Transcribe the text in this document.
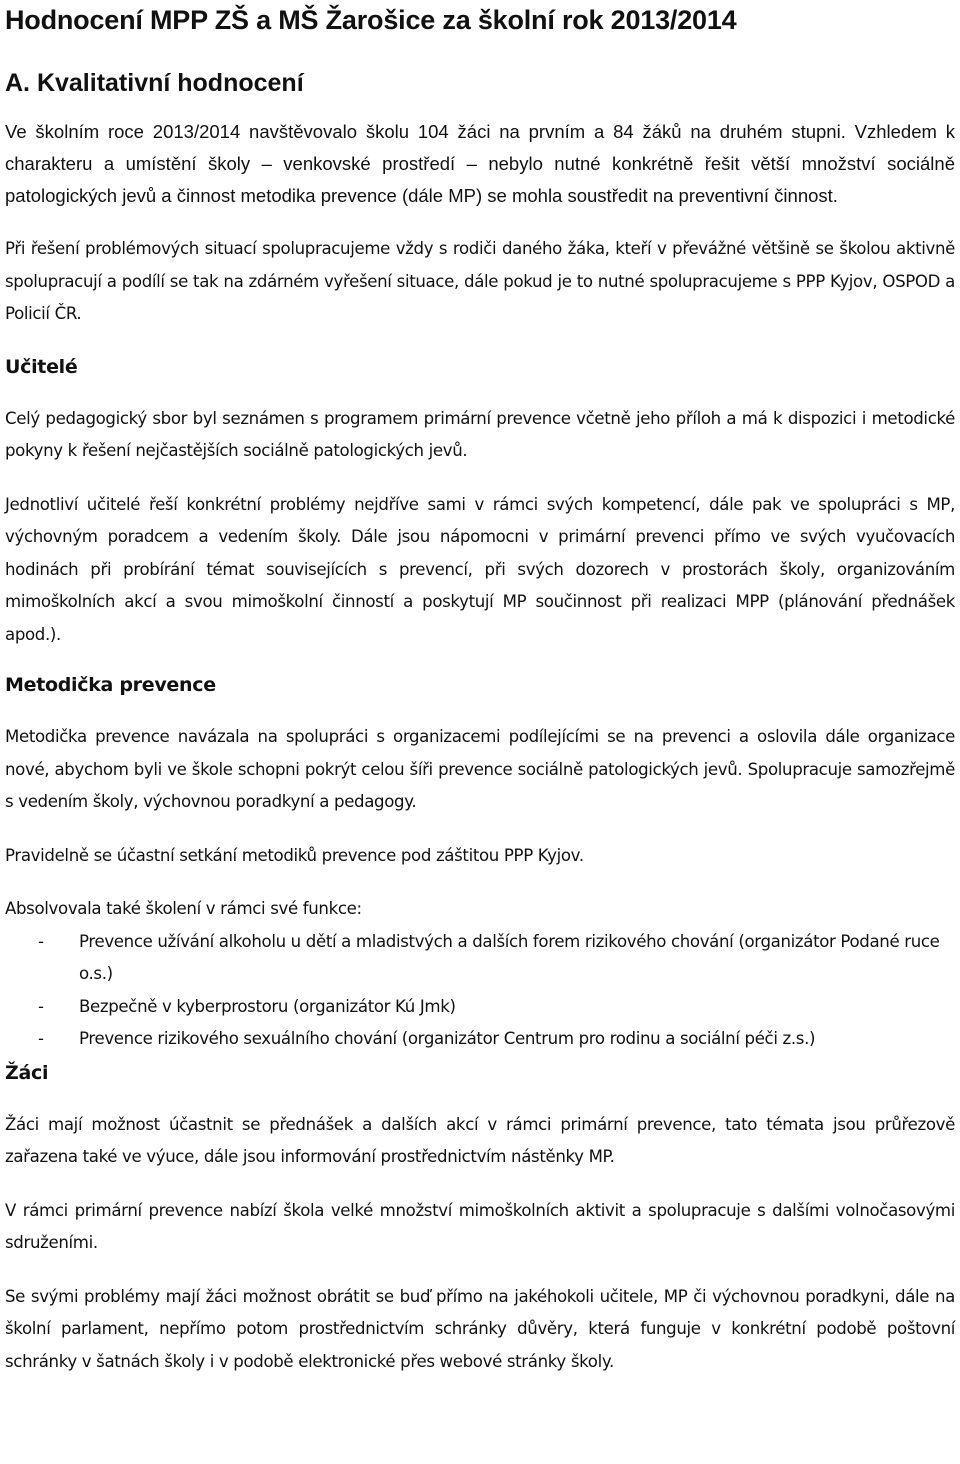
Hodnocení MPP ZŠ a MŠ Žarošice za školní rok 2013/2014
A. Kvalitativní hodnocení

Ve školním roce 2013/2014 navštěvovalo školu 104 žáci na prvním a 84 žáků na druhém stupni. Vzhledem k charakteru a umístění školy – venkovské prostředí – nebylo nutné konkrétně řešit větší množství sociálně patologických jevů a činnost metodika prevence (dále MP) se mohla soustředit na preventivní činnost.

Při řešení problémových situací spolupracujeme vždy s rodiči daného žáka, kteří v převážné většině se školou aktivně spolupracují a podílí se tak na zdárném vyřešení situace, dále pokud je to nutné spolupracujeme s PPP Kyjov, OSPOD a Policií ČR.

Učitelé

Celý pedagogický sbor byl seznámen s programem primární prevence včetně jeho příloh a má k dispozici i metodické pokyny k řešení nejčastějších sociálně patologických jevů.

Jednotliví učitelé řeší konkrétní problémy nejdříve sami v rámci svých kompetencí, dále pak ve spolupráci s MP, výchovným poradcem a vedením školy. Dále jsou nápomocni v primární prevenci přímo ve svých vyučovacích hodinách při probírání témat souvisejících s prevencí, při svých dozorech v prostorách školy, organizováním mimoškolních akcí a svou mimoškolní činností a poskytují MP součinnost při realizaci MPP (plánování přednášek apod.).

Metodička prevence

Metodička prevence navázala na spolupráci s organizacemi podílejícími se na prevenci a oslovila dále organizace nové, abychom byli ve škole schopni pokrýt celou šíři prevence sociálně patologických jevů. Spolupracuje samozřejmě s vedením školy, výchovnou poradkyní a pedagogy.

Pravidelně se účastní setkání metodiků prevence pod záštitou PPP Kyjov.

Absolvovala také školení v rámci své funkce:

- Prevence užívání alkoholu u dětí a mladistvých a dalších forem rizikového chování (organizátor Podané ruce o.s.)
- Bezpečně v kyberprostoru (organizátor Kú Jmk)
- Prevence rizikového sexuálního chování (organizátor Centrum pro rodinu a sociální péči z.s.)
Žáci

Žáci mají možnost účastnit se přednášek a dalších akcí v rámci primární prevence, tato témata jsou průřezově zařazena také ve výuce, dále jsou informování prostřednictvím nástěnky MP.

V rámci primární prevence nabízí škola velké množství mimoškolních aktivit a spolupracuje s dalšími volnočasovými sdruženími.

Se svými problémy mají žáci možnost obrátit se buď přímo na jakéhokoli učitele, MP či výchovnou poradkyni, dále na školní parlament, nepřímo potom prostřednictvím schránky důvěry, která funguje v konkrétní podobě poštovní schránky v šatnách školy i v podobě elektronické přes webové stránky školy.
